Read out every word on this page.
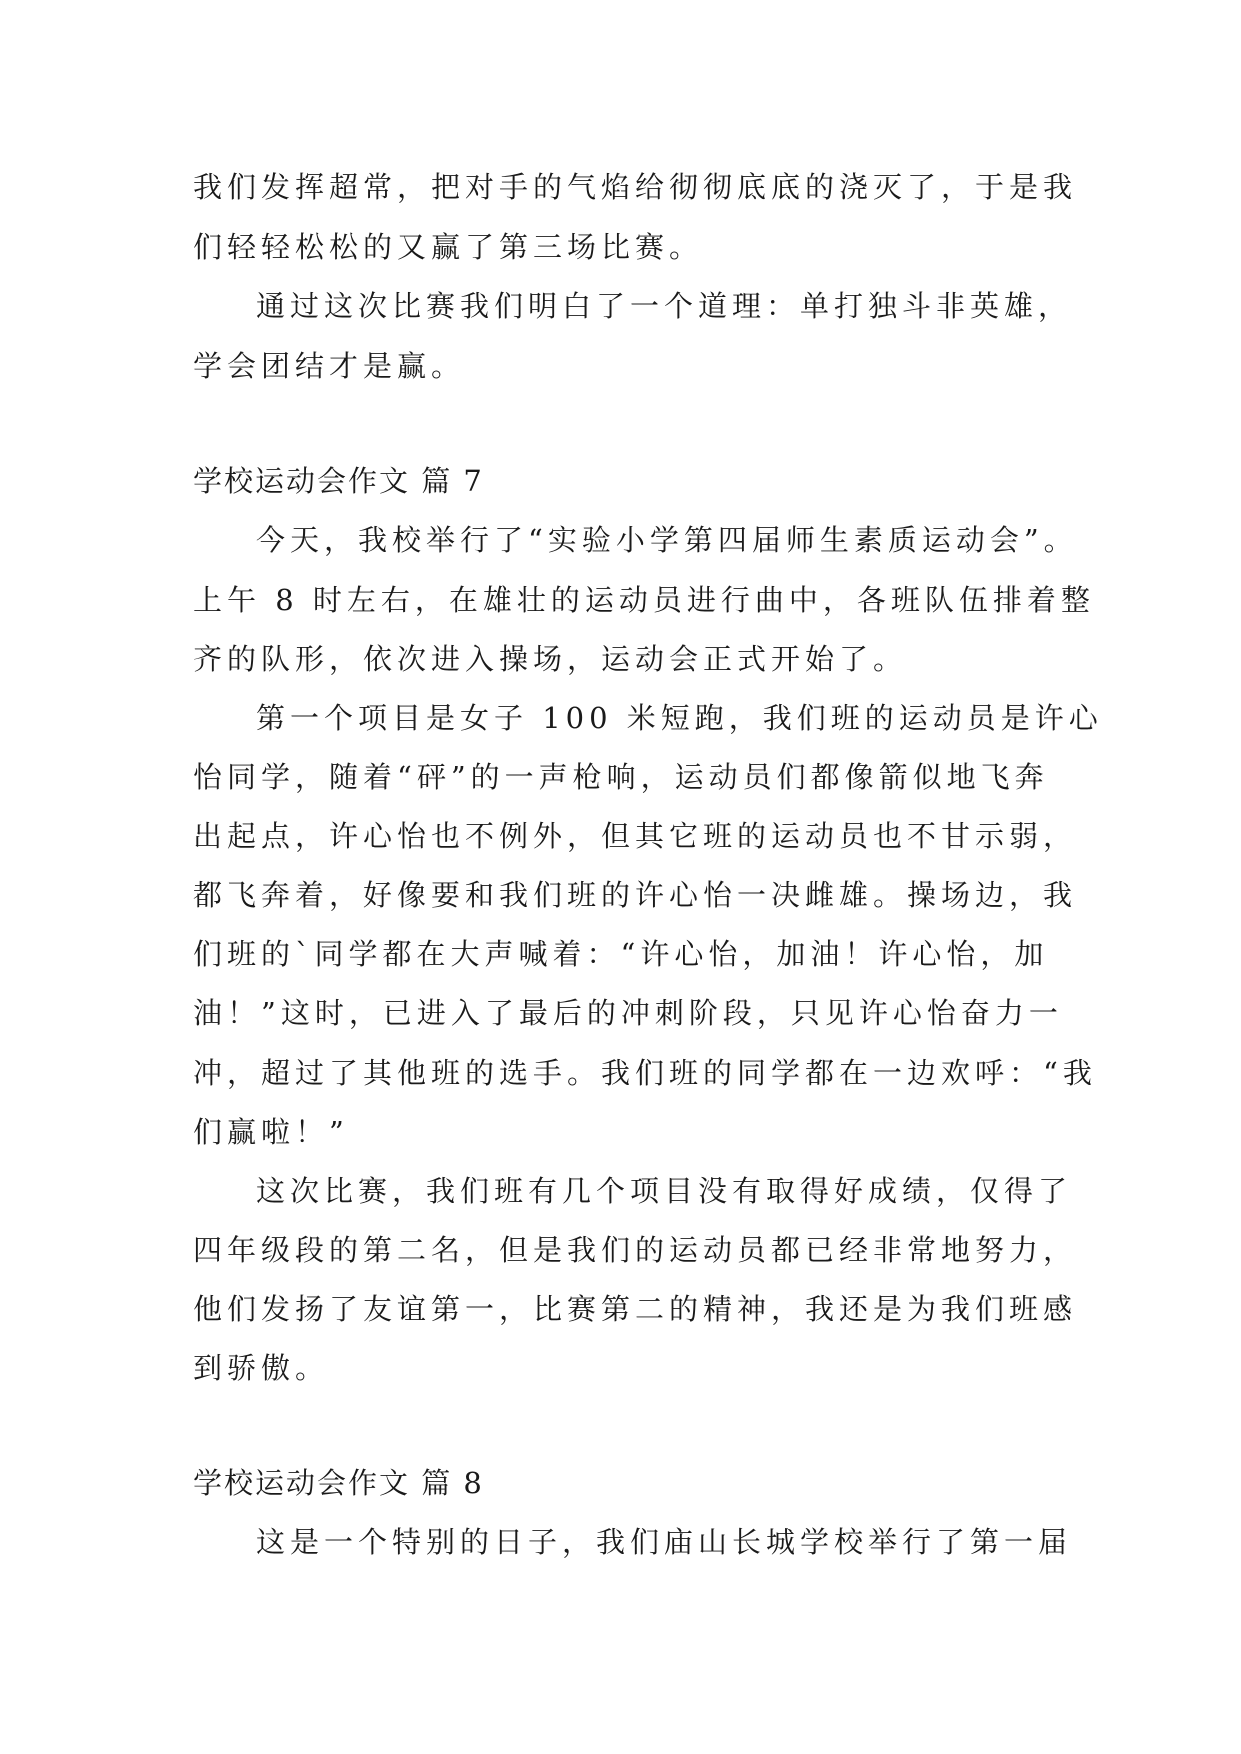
我们发挥超常，把对手的气焰给彻彻底底的浇灭了，于是我

们轻轻松松的又赢了第三场比赛。

通过这次比赛我们明白了一个道理：单打独斗非英雄，

学会团结才是赢。

学校运动会作文 篇 7

今天，我校举行了“实验小学第四届师生素质运动会”。

上午 8 时左右，在雄壮的运动员进行曲中，各班队伍排着整

齐的队形，依次进入操场，运动会正式开始了。

第一个项目是女子 100 米短跑，我们班的运动员是许心

怡同学，随着“砰”的一声枪响，运动员们都像箭似地飞奔

出起点，许心怡也不例外，但其它班的运动员也不甘示弱，

都飞奔着，好像要和我们班的许心怡一决雌雄。操场边，我

们班的`同学都在大声喊着：“许心怡，加油！许心怡，加

油！”这时，已进入了最后的冲刺阶段，只见许心怡奋力一

冲，超过了其他班的选手。我们班的同学都在一边欢呼：“我

们赢啦！”

这次比赛，我们班有几个项目没有取得好成绩，仅得了

四年级段的第二名，但是我们的运动员都已经非常地努力，

他们发扬了友谊第一，比赛第二的精神，我还是为我们班感

到骄傲。

学校运动会作文 篇 8

这是一个特别的日子，我们庙山长城学校举行了第一届
